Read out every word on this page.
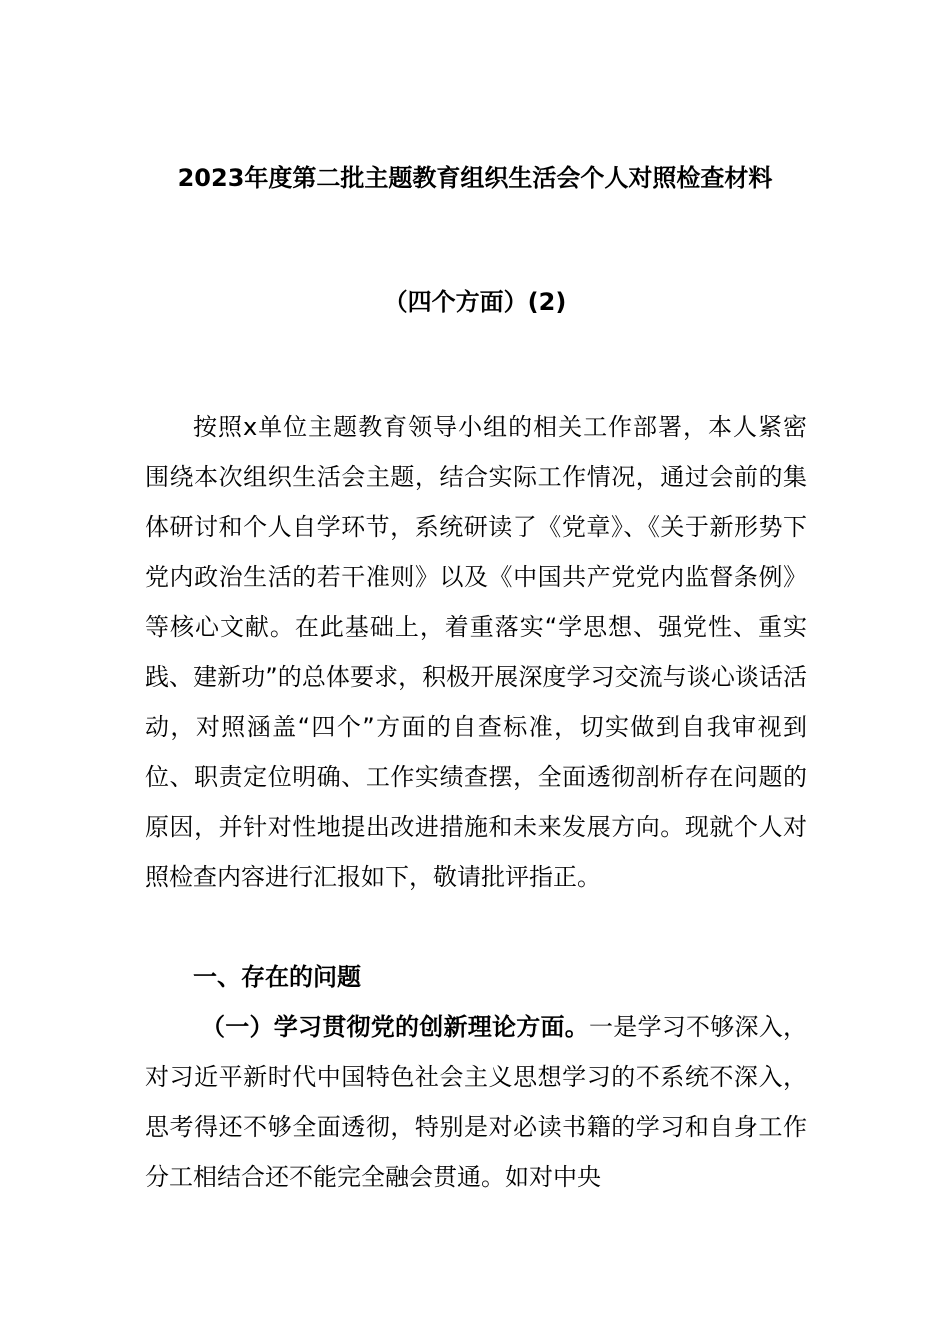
2023年度第二批主题教育组织生活会个人对照检查材料
（四个方面）(2)

按照x单位主题教育领导小组的相关工作部署，本人紧密围绕本次组织生活会主题，结合实际工作情况，通过会前的集体研讨和个人自学环节，系统研读了《党章》、《关于新形势下党内政治生活的若干准则》以及《中国共产党党内监督条例》等核心文献。在此基础上，着重落实“学思想、强党性、重实践、建新功”的总体要求，积极开展深度学习交流与谈心谈话活动，对照涵盖“四个”方面的自查标准，切实做到自我审视到位、职责定位明确、工作实绩查摆，全面透彻剖析存在问题的原因，并针对性地提出改进措施和未来发展方向。现就个人对照检查内容进行汇报如下，敬请批评指正。

一、存在的问题

（一）学习贯彻党的创新理论方面。一是学习不够深入，对习近平新时代中国特色社会主义思想学习的不系统不深入，思考得还不够全面透彻，特别是对必读书籍的学习和自身工作分工相结合还不能完全融会贯通。如对中央
